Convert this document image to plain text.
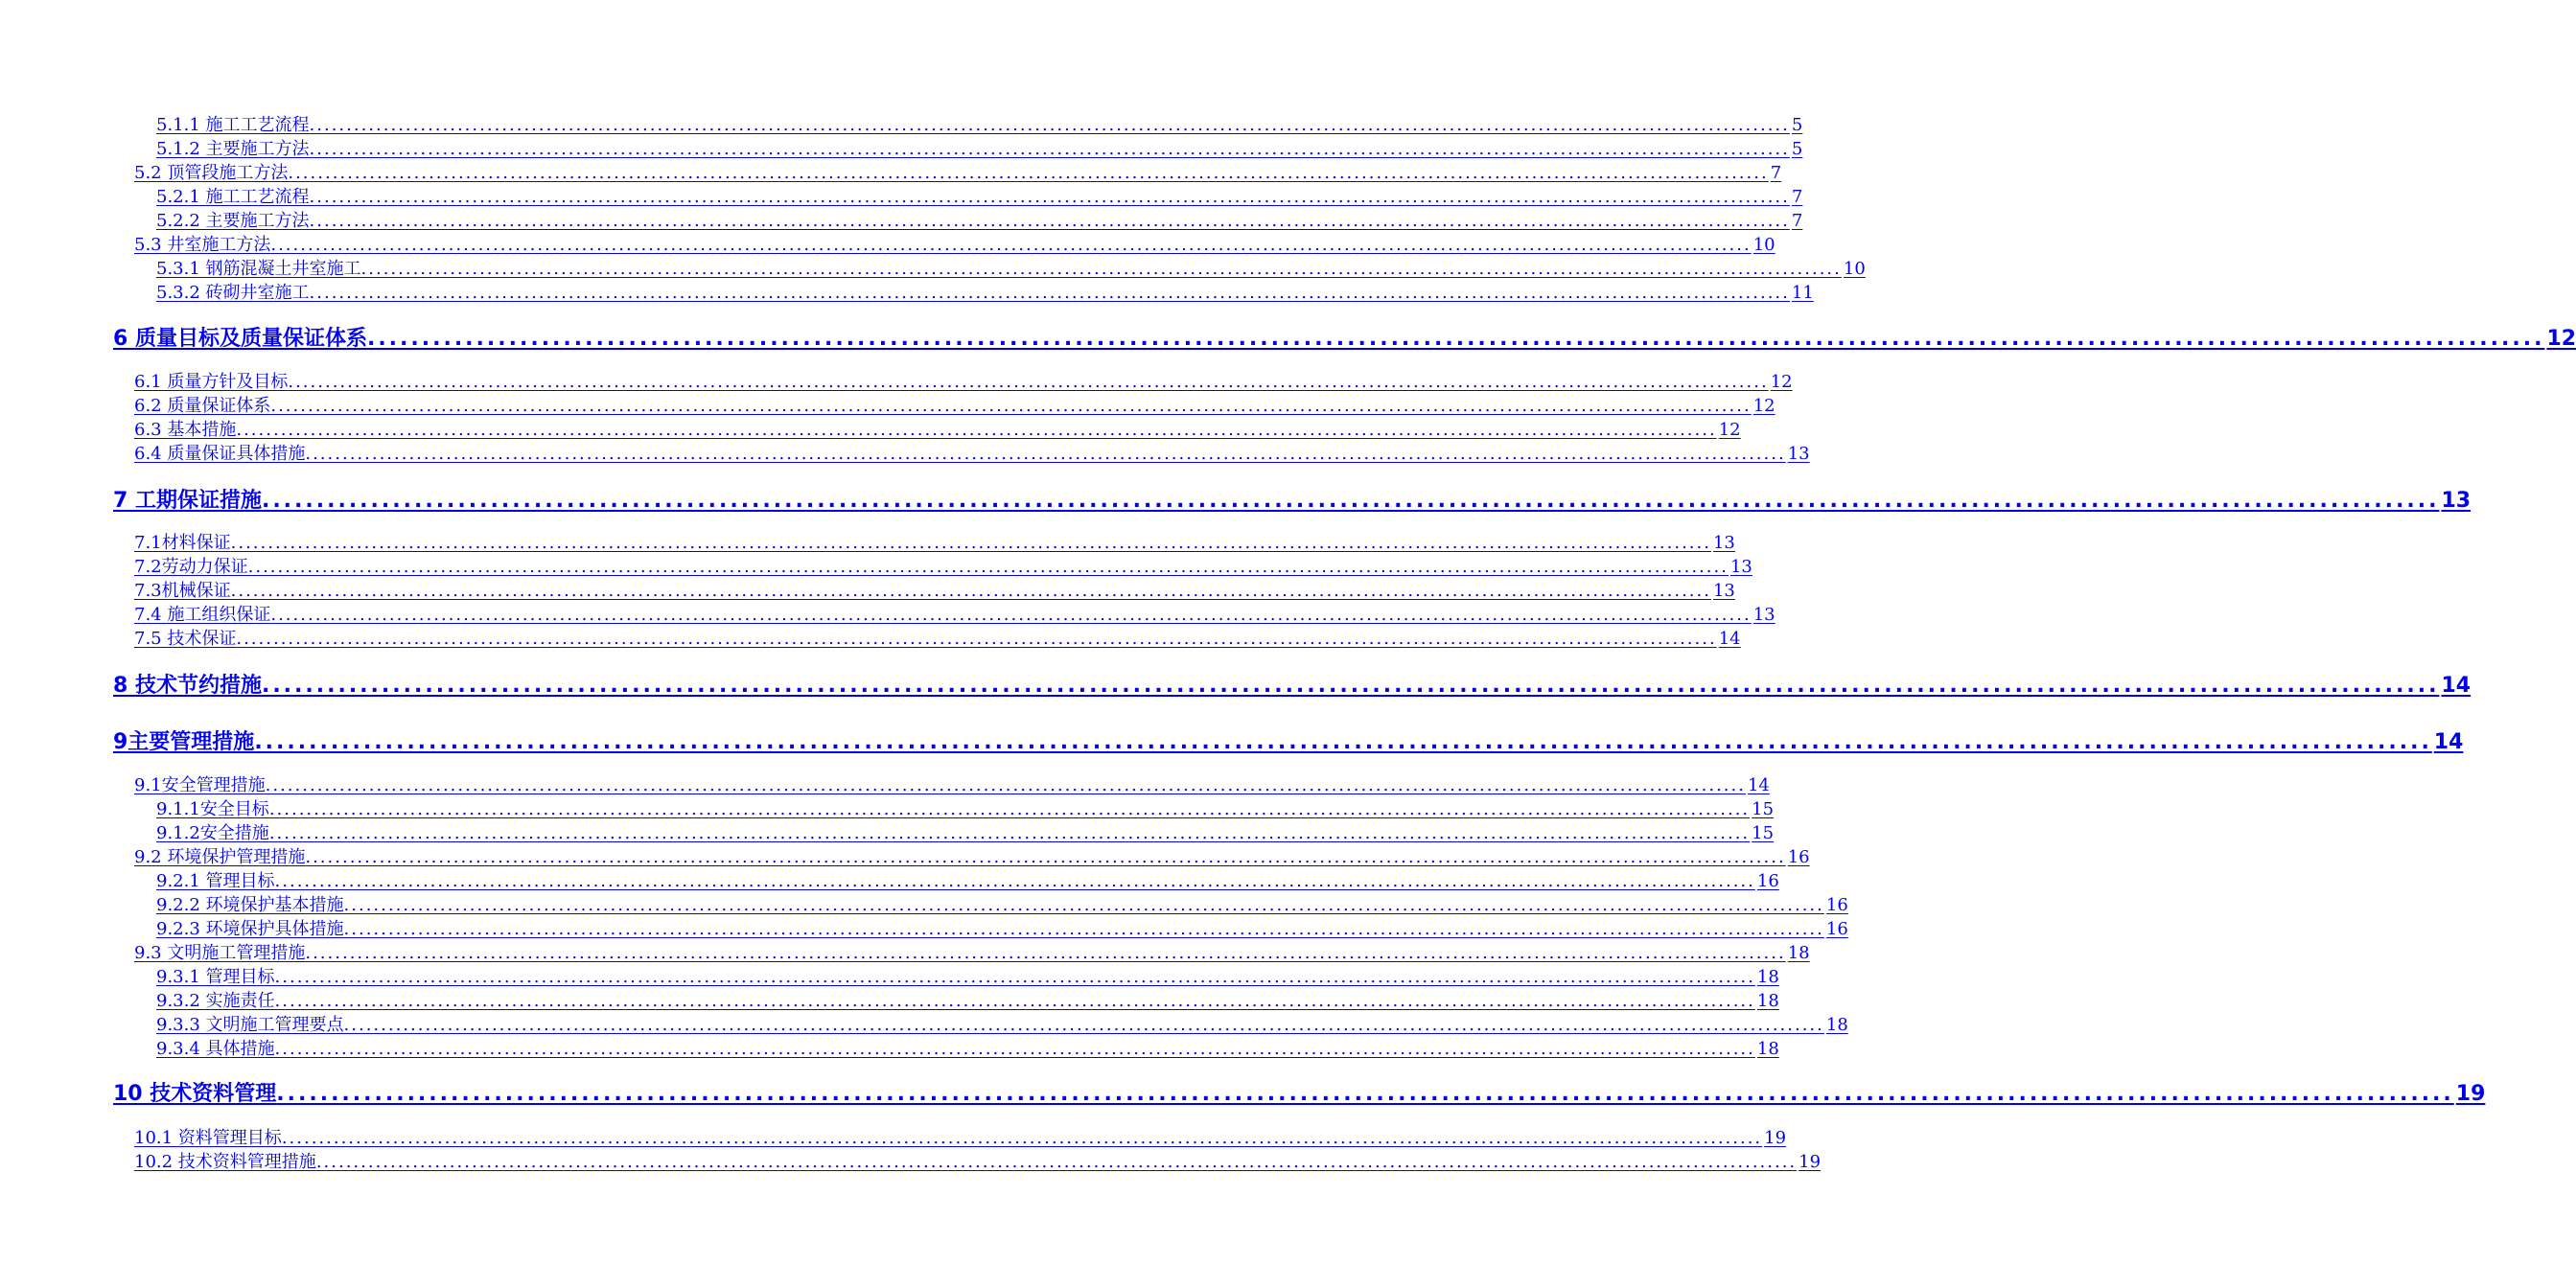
5.1.1 施工工艺流程 ........................................................................................................................................................................................................ 5
5.1.2 主要施工方法 ........................................................................................................................................................................................................ 5
5.2 顶管段施工方法 ........................................................................................................................................................................................................ 7
5.2.1 施工工艺流程 ........................................................................................................................................................................................................ 7
5.2.2 主要施工方法 ........................................................................................................................................................................................................ 7
5.3 井室施工方法 ........................................................................................................................................................................................................ 10
5.3.1 钢筋混凝土井室施工 ........................................................................................................................................................................................................ 10
5.3.2 砖砌井室施工 ........................................................................................................................................................................................................ 11
6 质量目标及质量保证体系 ........................................................................................................................................................................................................ 12
6.1 质量方针及目标 ........................................................................................................................................................................................................ 12
6.2 质量保证体系 ........................................................................................................................................................................................................ 12
6.3 基本措施 ........................................................................................................................................................................................................ 12
6.4 质量保证具体措施 ........................................................................................................................................................................................................ 13
7 工期保证措施 ........................................................................................................................................................................................................ 13
7.1材料保证 ........................................................................................................................................................................................................ 13
7.2劳动力保证 ........................................................................................................................................................................................................ 13
7.3机械保证 ........................................................................................................................................................................................................ 13
7.4 施工组织保证 ........................................................................................................................................................................................................ 13
7.5 技术保证 ........................................................................................................................................................................................................ 14
8 技术节约措施 ........................................................................................................................................................................................................ 14
9主要管理措施 ........................................................................................................................................................................................................ 14
9.1安全管理措施 ........................................................................................................................................................................................................ 14
9.1.1安全目标 ........................................................................................................................................................................................................ 15
9.1.2安全措施 ........................................................................................................................................................................................................ 15
9.2 环境保护管理措施 ........................................................................................................................................................................................................ 16
9.2.1 管理目标 ........................................................................................................................................................................................................ 16
9.2.2 环境保护基本措施 ........................................................................................................................................................................................................ 16
9.2.3 环境保护具体措施 ........................................................................................................................................................................................................ 16
9.3 文明施工管理措施 ........................................................................................................................................................................................................ 18
9.3.1 管理目标 ........................................................................................................................................................................................................ 18
9.3.2 实施责任 ........................................................................................................................................................................................................ 18
9.3.3 文明施工管理要点 ........................................................................................................................................................................................................ 18
9.3.4 具体措施 ........................................................................................................................................................................................................ 18
10 技术资料管理 ........................................................................................................................................................................................................ 19
10.1 资料管理目标 ........................................................................................................................................................................................................ 19
10.2 技术资料管理措施 ........................................................................................................................................................................................................ 19
